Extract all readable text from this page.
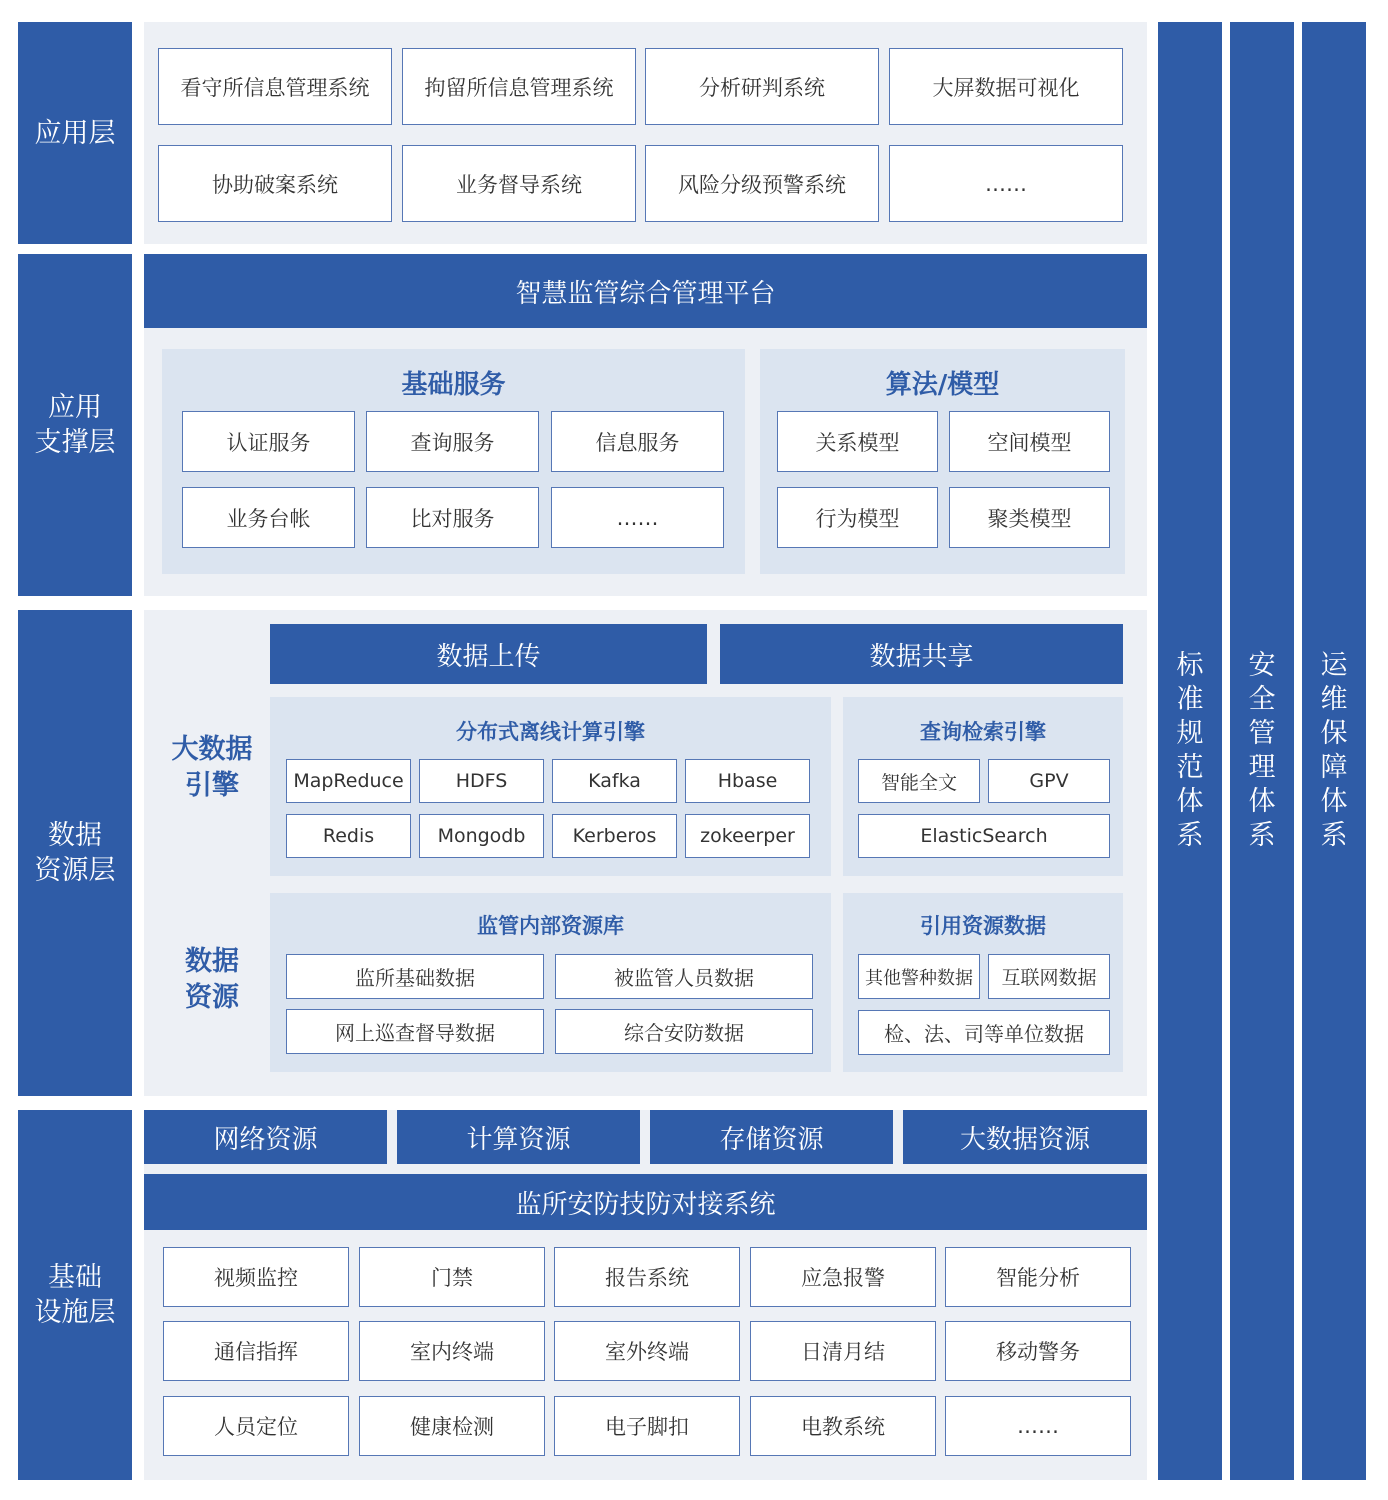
应用层
应用
支撑层
数据
资源层
基础
设施层
看守所信息管理系统	拘留所信息管理系统	分析研判系统	大屏数据可视化
协助破案系统	业务督导系统	风险分级预警系统	……
智慧监管综合管理平台
基础服务
认证服务	查询服务	信息服务
业务台帐	比对服务	……
算法/模型
关系模型	空间模型
行为模型	聚类模型
数据上传	数据共享
大数据
引擎
数据
资源
分布式离线计算引擎
MapReduce	HDFS	Kafka	Hbase
Redis	Mongodb Kerberos zokeerper
查询检索引擎
智能全文	GPV
ElasticSearch
监管内部资源库
监所基础数据	被监管人员数据
网上巡查督导数据	综合安防数据
引用资源数据
其他警种数据 互联网数据
检、法、司等单位数据
网络资源	计算资源	存储资源	大数据资源
监所安防技防对接系统
视频监控	门禁	报告系统	应急报警	智能分析
通信指挥	室内终端	室外终端	日清月结	移动警务
人员定位	健康检测	电子脚扣	电教系统	……
标
准
规
范
体
系
安
全
管
理
体
系
运
维
保
障
体
系
